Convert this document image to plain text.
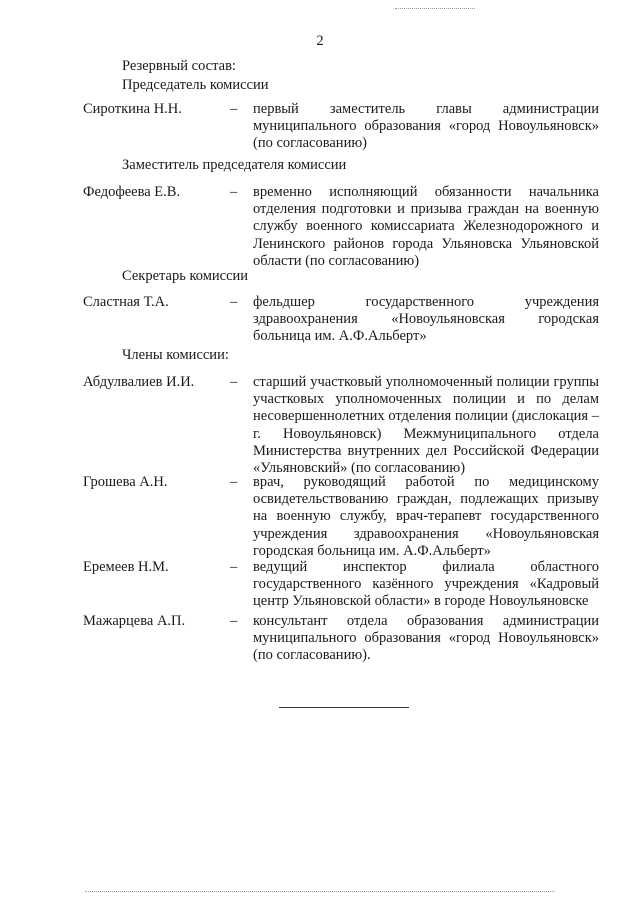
2
Резервный состав:
Председатель комиссии
Сироткина Н.Н.	– первый заместитель главы администрации муниципального образования «город Новоульяновск» (по согласованию)
Заместитель председателя комиссии
Федофеева Е.В.	– временно исполняющий обязанности начальника отделения подготовки и призыва граждан на военную службу военного комиссариата Железнодорожного и Ленинского районов города Ульяновска Ульяновской области (по согласованию)
Секретарь комиссии
Сластная Т.А.	– фельдшер государственного учреждения здравоохранения «Новоульяновская городская больница им. А.Ф.Альберт»
Члены комиссии:
Абдулвалиев И.И. – старший участковый уполномоченный полиции группы участковых уполномоченных полиции и по делам несовершеннолетних отделения полиции (дислокация – г. Новоульяновск) Межмуниципального отдела Министерства внутренних дел Российской Федерации «Ульяновский» (по согласованию)
Грошева А.Н.	– врач, руководящий работой по медицинскому освидетельствованию граждан, подлежащих призыву на военную службу, врач-терапевт государственного учреждения здравоохранения «Новоульяновская городская больница им. А.Ф.Альберт»
Еремеев Н.М.	– ведущий инспектор филиала областного государственного казённого учреждения «Кадровый центр Ульяновской области» в городе Новоульяновске
Мажарцева А.П.	– консультант отдела образования администрации муниципального образования «город Новоульяновск» (по согласованию).
